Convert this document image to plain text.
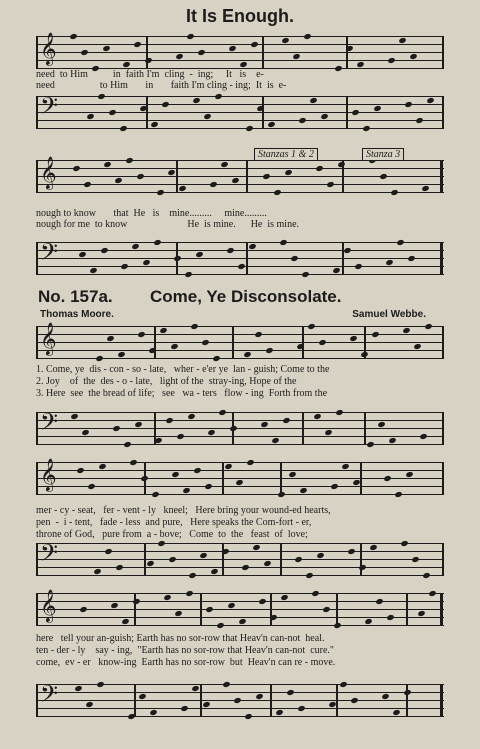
It Is Enough.
𝄞
need  to Him          in  faith I'm  cling  -  ing;     It   is    e-
need                  to Him       in       faith I'm cling - ing;  It  is  e-
𝄢
𝄞
Stanzas 1 & 2	Stanza 3
nough to know       that  He   is    mine.........     mine.........
nough for me  to know                        He  is mine.      He  is mine.
𝄢
No. 157a. Come, Ye Disconsolate.
Thomas Moore.	Samuel Webbe.
𝄞
1. Come, ye  dis - con - so - late,   wher - e'er ye  lan - guish; Come to the
2. Joy    of  the  des - o - late,   light of the  stray-ing, Hope of the
3. Here  see  the bread of life;   see   wa - ters   flow - ing  Forth from the
𝄢
𝄞
mer - cy - seat,   fer - vent - ly   kneel;   Here bring your wound-ed hearts,
pen  -  i - tent,   fade - less  and pure,   Here speaks the Com-fort - er,
throne of God,   pure from  a - bove;   Come  to  the   feast  of  love;
𝄢
𝄞
here   tell your an-guish; Earth has no sor-row that Heav'n can-not  heal.
ten - der - ly    say - ing,  "Earth has no sor-row that Heav'n can-not  cure."
come,  ev - er   know-ing  Earth has no sor-row  but  Heav'n can re - move.
𝄢
